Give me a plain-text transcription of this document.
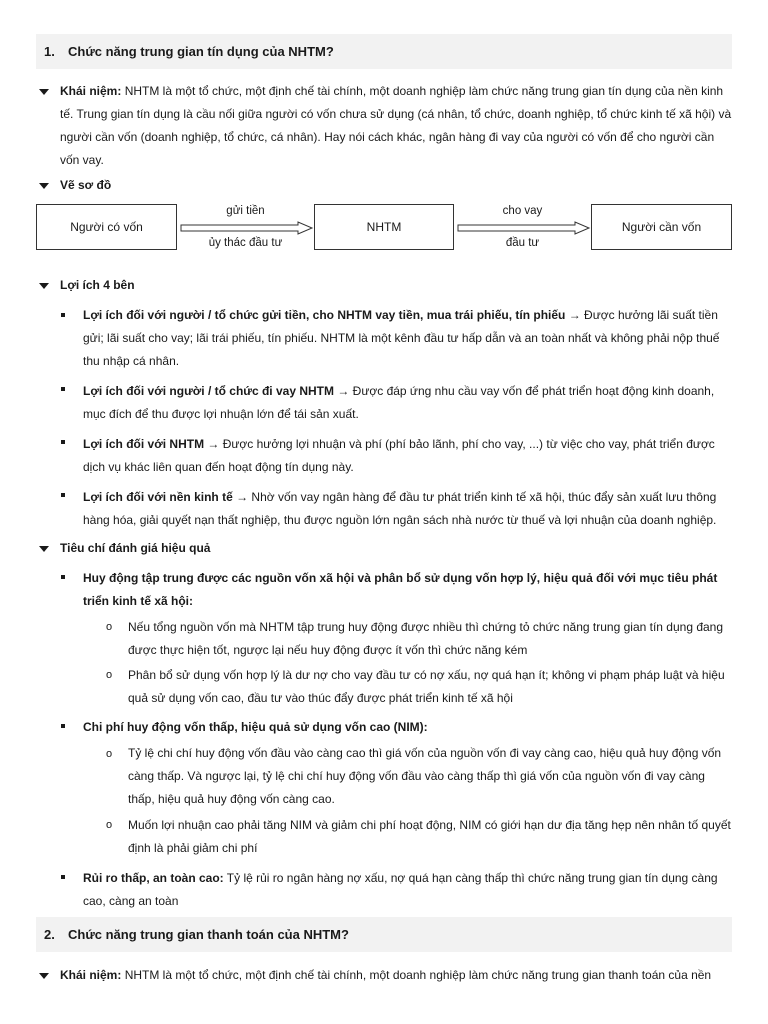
1.	Chức năng trung gian tín dụng của NHTM?

Khái niệm: NHTM là một tổ chức, một định chế tài chính, một doanh nghiệp làm chức năng trung gian tín dụng của nền kinh tế. Trung gian tín dụng là cầu nối giữa người có vốn chưa sử dụng (cá nhân, tổ chức, doanh nghiệp, tổ chức kinh tế xã hội) và người cần vốn (doanh nghiệp, tổ chức, cá nhân). Hay nói cách khác, ngân hàng đi vay của người có vốn để cho người cần vốn vay.

Vẽ sơ đồ

Người có vốn	NHTM	Người cần vốn
gửi tiền
ủy thác đầu tư
cho vay
đầu tư

Lợi ích 4 bên

Lợi ích đối với người / tổ chức gửi tiền, cho NHTM vay tiền, mua trái phiếu, tín phiếu → Được hưởng lãi suất tiền gửi; lãi suất cho vay; lãi trái phiếu, tín phiếu. NHTM là một kênh đầu tư hấp dẫn và an toàn nhất và không phải nộp thuế thu nhập cá nhân.

Lợi ích đối với người / tổ chức đi vay NHTM → Được đáp ứng nhu cầu vay vốn để phát triển hoạt động kinh doanh, mục đích để thu được lợi nhuận lớn để tái sản xuất.

Lợi ích đối với NHTM → Được hưởng lợi nhuận và phí (phí bảo lãnh, phí cho vay, ...) từ việc cho vay, phát triển được dịch vụ khác liên quan đến hoạt động tín dụng này.

Lợi ích đối với nền kinh tế → Nhờ vốn vay ngân hàng để đầu tư phát triển kinh tế xã hội, thúc đẩy sản xuất lưu thông hàng hóa, giải quyết nạn thất nghiệp, thu được nguồn lớn ngân sách nhà nước từ thuế và lợi nhuận của doanh nghiệp.

Tiêu chí đánh giá hiệu quả

Huy động tập trung được các nguồn vốn xã hội và phân bổ sử dụng vốn hợp lý, hiệu quả đối với mục tiêu phát triển kinh tế xã hội:

o Nếu tổng nguồn vốn mà NHTM tập trung huy động được nhiều thì chứng tỏ chức năng trung gian tín dụng đang được thực hiện tốt, ngược lại nếu huy động được ít vốn thì chức năng kém

o Phân bổ sử dụng vốn hợp lý là dư nợ cho vay đầu tư có nợ xấu, nợ quá hạn ít; không vi phạm pháp luật và hiệu quả sử dụng vốn cao, đầu tư vào thúc đẩy được phát triển kinh tế xã hội

Chi phí huy động vốn thấp, hiệu quả sử dụng vốn cao (NIM):

o Tỷ lệ chi chí huy động vốn đầu vào càng cao thì giá vốn của nguồn vốn đi vay càng cao, hiệu quả huy động vốn càng thấp. Và ngược lại, tỷ lệ chi chí huy động vốn đầu vào càng thấp thì giá vốn của nguồn vốn đi vay càng thấp, hiệu quả huy động vốn càng cao.

o Muốn lợi nhuận cao phải tăng NIM và giảm chi phí hoạt động, NIM có giới hạn dư địa tăng hẹp nên nhân tố quyết định là phải giảm chi phí

Rủi ro thấp, an toàn cao: Tỷ lệ rủi ro ngân hàng nợ xấu, nợ quá hạn càng thấp thì chức năng trung gian tín dụng càng cao, càng an toàn

2.	Chức năng trung gian thanh toán của NHTM?

Khái niệm: NHTM là một tổ chức, một định chế tài chính, một doanh nghiệp làm chức năng trung gian thanh toán của nền
